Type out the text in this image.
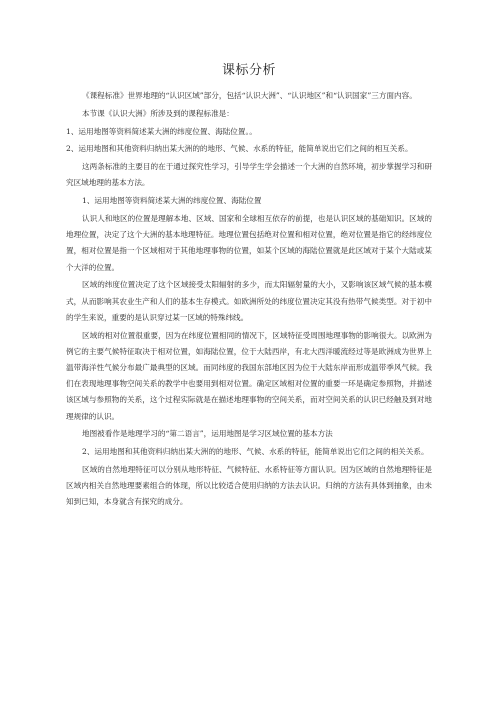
课标分析

《课程标准》世界地理的“认识区域”部分，包括“认识大洲”、“认识地区”和“认识国家”三方面内容。

本节课《认识大洲》所涉及到的课程标准是：

1、运用地图等资料简述某大洲的纬度位置、海陆位置。。

2、运用地图和其他资料归纳出某大洲的的地形、气候、水系的特征，能简单说出它们之间的相互关系。

这两条标准的主要目的在于通过探究性学习，引导学生学会描述一个大洲的自然环境，初步掌握学习和研究区域地理的基本方法。

1、运用地图等资料简述某大洲的纬度位置、海陆位置

认识人和地区的位置是理解本地、区域、国家和全球相互依存的前提，也是认识区域的基础知识。区域的地理位置，决定了这个大洲的基本地理特征。地理位置包括绝对位置和相对位置，绝对位置是指它的经纬度位置，相对位置是指一个区域相对于其他地理事物的位置，如某个区域的海陆位置就是此区域对于某个大陆或某个大洋的位置。

区域的纬度位置决定了这个区域接受太阳辐射的多少，而太阳辐射量的大小，又影响该区域气候的基本模式，从而影响其农业生产和人们的基本生存模式。如欧洲所处的纬度位置决定其没有热带气候类型。对于初中的学生来说，重要的是认识穿过某一区域的特殊纬线。

区域的相对位置很重要，因为在纬度位置相同的情况下，区域特征受周围地理事物的影响很大。以欧洲为例它的主要气候特征取决于相对位置，如海陆位置，位于大陆西岸，有北大西洋暖流经过等是欧洲成为世界上温带海洋性气候分布最广最典型的区域。而同纬度的我国东部地区因为位于大陆东岸而形成温带季风气候。我们在表现地理事物空间关系的教学中也要用到相对位置。确定区域相对位置的重要一环是确定参照物，并描述该区域与参照物的关系，这个过程实际就是在描述地理事物的空间关系，而对空间关系的认识已经触及到对地理规律的认识。

地图被看作是地理学习的“第二语言”，运用地图是学习区域位置的基本方法

2、运用地图和其他资料归纳出某大洲的的地形、气候、水系的特征，能简单说出它们之间的相关关系。

区域的自然地理特征可以分别从地形特征、气候特征、水系特征等方面认识。因为区域的自然地理特征是区域内相关自然地理要素组合的体现，所以比较适合使用归纳的方法去认识。归纳的方法有具体到抽象，由未知到已知，本身就含有探究的成分。
